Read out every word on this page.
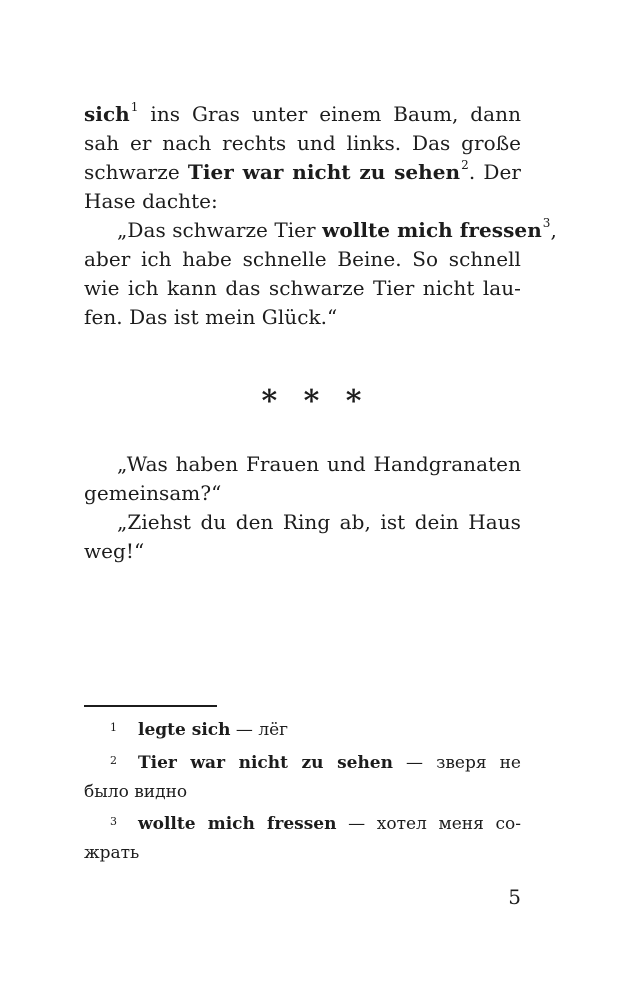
sich$^1$ ins Gras unter einem Baum, dann
sah er nach rechts und links. Das große
schwarze Tier war nicht zu sehen$^2$. Der
Hase dachte:
„Das schwarze Tier wollte mich fressen$^3$,
aber ich habe schnelle Beine. So schnell
wie ich kann das schwarze Tier nicht lau-
fen. Das ist mein Glück.“
* * *
„Was haben Frauen und Handgranaten
gemeinsam?“
„Ziehst du den Ring ab, ist dein Haus
weg!“
1 legte sich — лёг
2 Tier war nicht zu sehen — зверя не
было видно
3 wollte mich fressen — хотел меня со-
жрать
5
